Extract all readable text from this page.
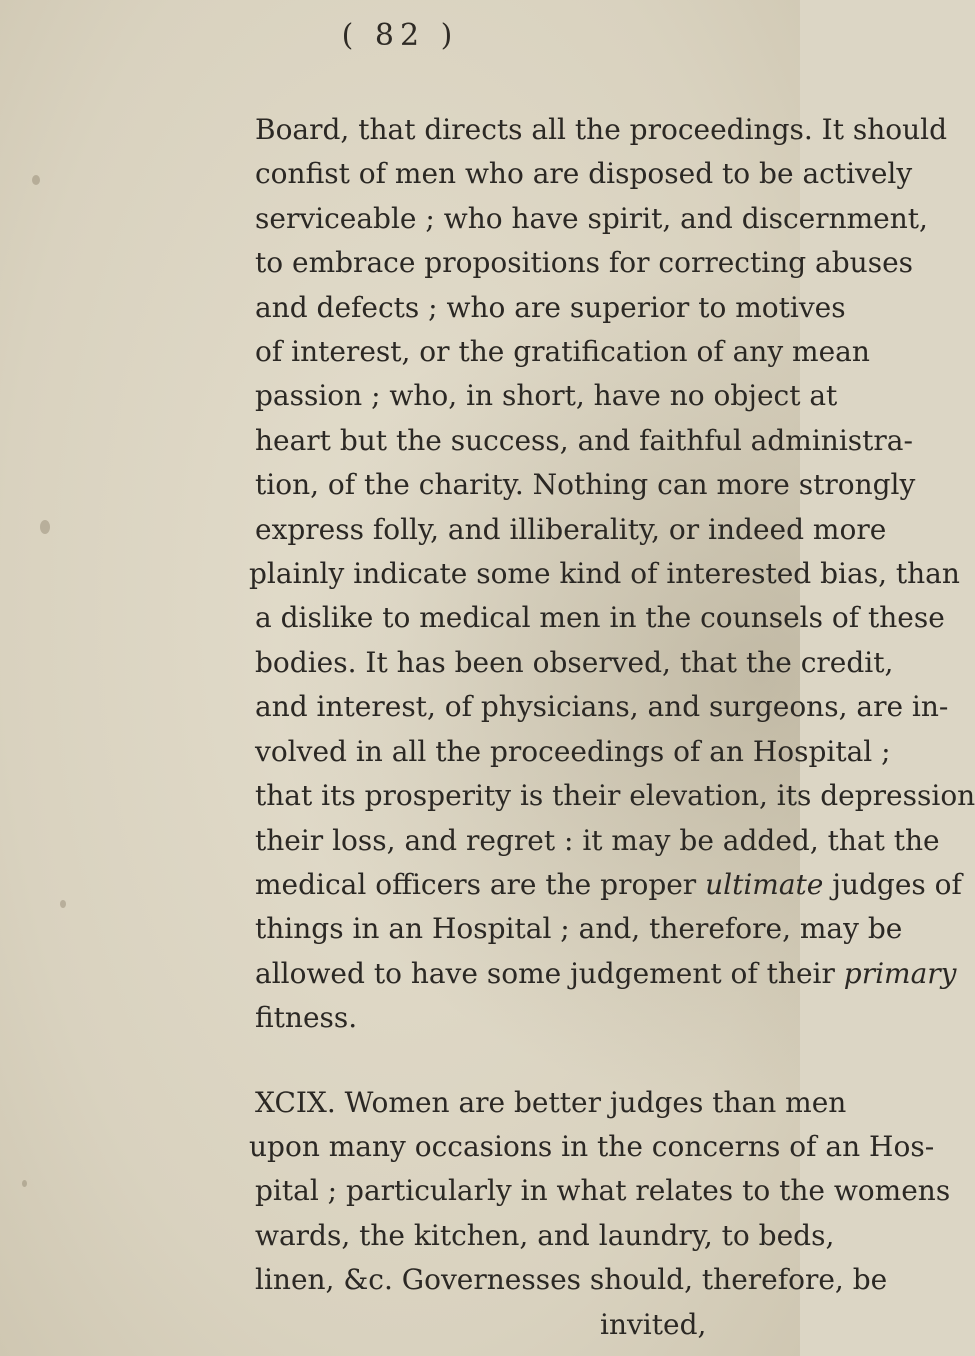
( 82 )
Board, that directs all the proceedings. It should
confist of men who are disposed to be actively
serviceable ; who have spirit, and discernment,
to embrace propositions for correcting abuses
and defects ; who are superior to motives
of interest, or the gratification of any mean
passion ; who, in short, have no object at
heart but the success, and faithful administra-
tion, of the charity. Nothing can more strongly
express folly, and illiberality, or indeed more
plainly indicate some kind of interested bias, than
a dislike to medical men in the counsels of these
bodies. It has been observed, that the credit,
and interest, of physicians, and surgeons, are in-
volved in all the proceedings of an Hospital ;
that its prosperity is their elevation, its depression
their loss, and regret : it may be added, that the
medical officers are the proper ultimate judges of
things in an Hospital ; and, therefore, may be
allowed to have some judgement of their primary
fitness.
XCIX. Women are better judges than men
upon many occasions in the concerns of an Hos-
pital ; particularly in what relates to the womens
wards, the kitchen, and laundry, to beds,
linen, &c. Governesses should, therefore, be
invited,
